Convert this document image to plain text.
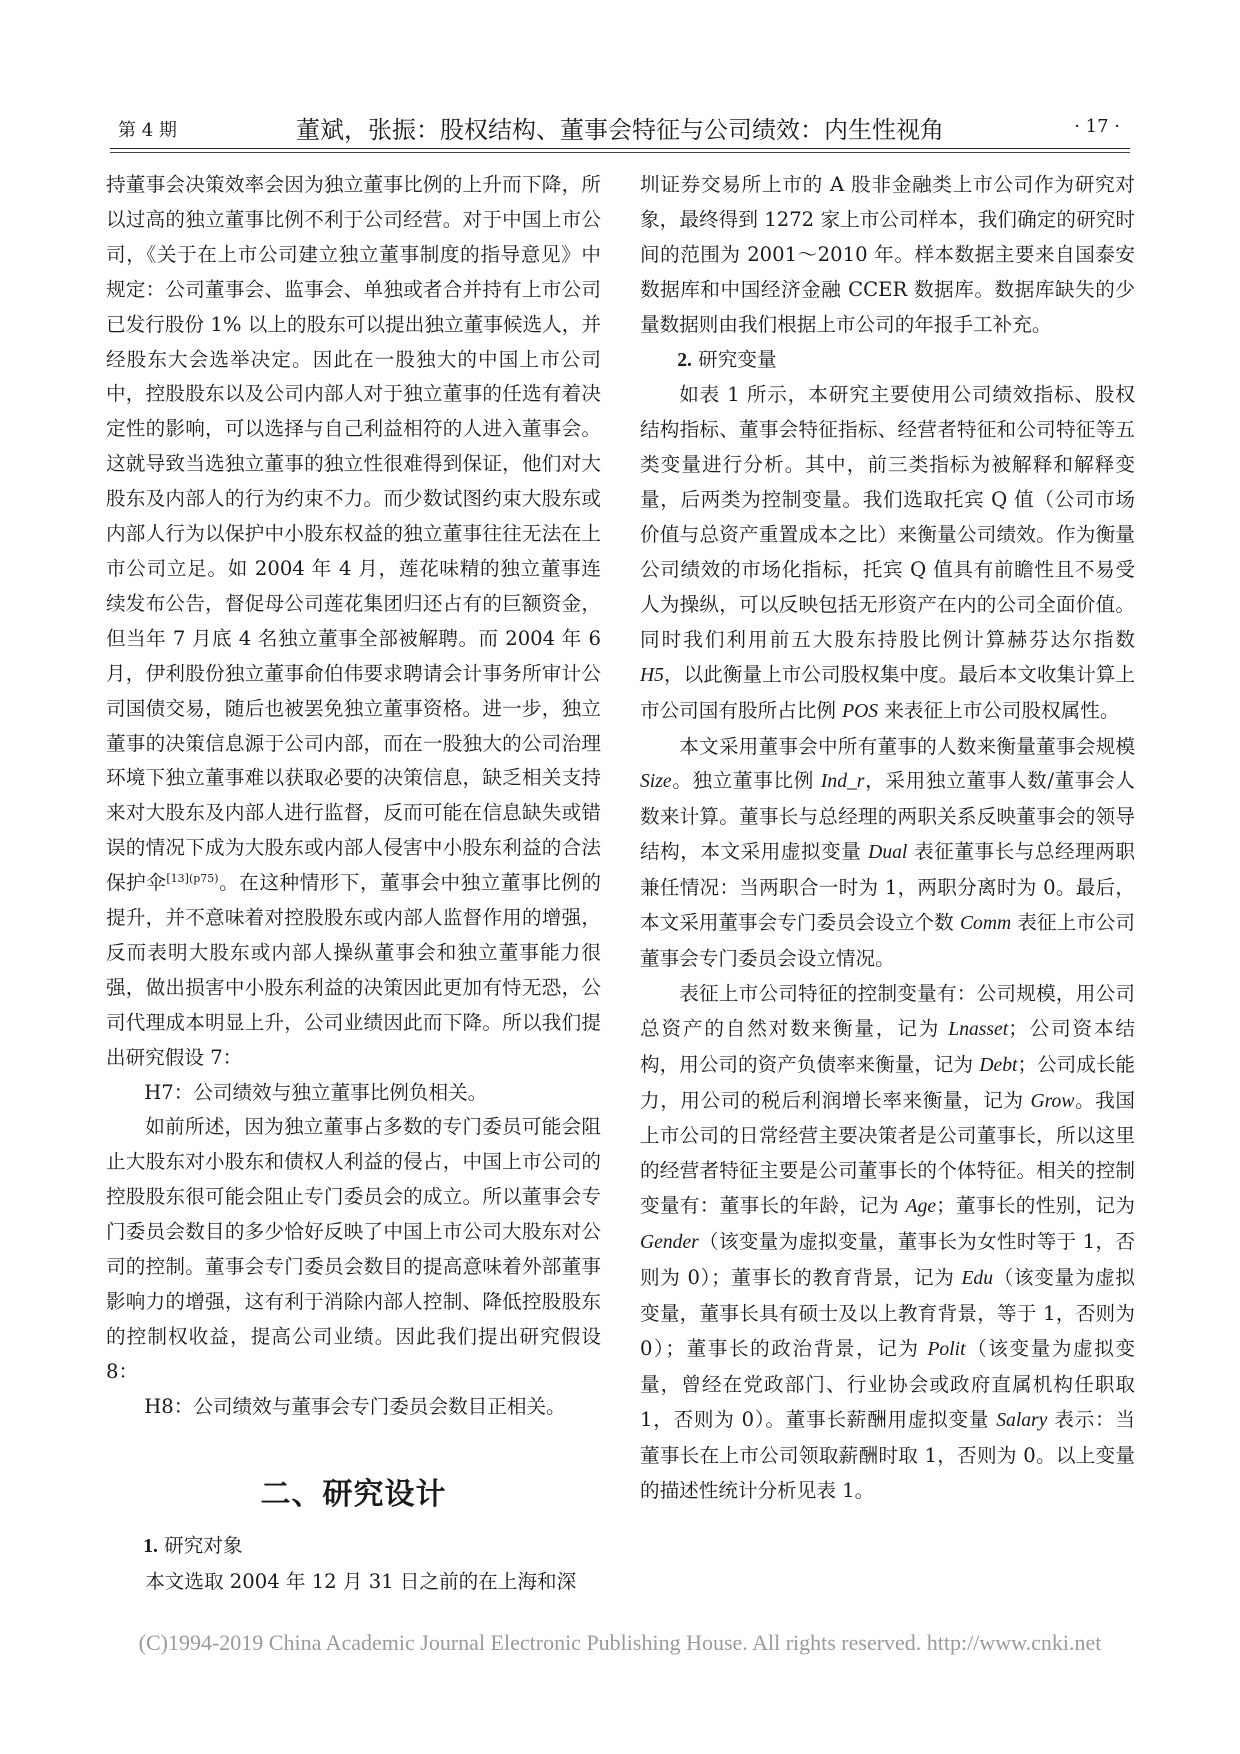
第 4 期	董斌，张振：股权结构、董事会特征与公司绩效：内生性视角	· 17 ·

持董事会决策效率会因为独立董事比例的上升而下降，所以过高的独立董事比例不利于公司经营。对于中国上市公司，《关于在上市公司建立独立董事制度的指导意见》中规定：公司董事会、监事会、单独或者合并持有上市公司已发行股份 1% 以上的股东可以提出独立董事候选人，并经股东大会选举决定。因此在一股独大的中国上市公司中，控股股东以及公司内部人对于独立董事的任选有着决定性的影响，可以选择与自己利益相符的人进入董事会。这就导致当选独立董事的独立性很难得到保证，他们对大股东及内部人的行为约束不力。而少数试图约束大股东或内部人行为以保护中小股东权益的独立董事往往无法在上市公司立足。如 2004 年 4 月，莲花味精的独立董事连续发布公告，督促母公司莲花集团归还占有的巨额资金，但当年 7 月底 4 名独立董事全部被解聘。而 2004 年 6 月，伊利股份独立董事俞伯伟要求聘请会计事务所审计公司国债交易，随后也被罢免独立董事资格。进一步，独立董事的决策信息源于公司内部，而在一股独大的公司治理环境下独立董事难以获取必要的决策信息，缺乏相关支持来对大股东及内部人进行监督，反而可能在信息缺失或错误的情况下成为大股东或内部人侵害中小股东利益的合法保护伞$^{[13](p75)}$。在这种情形下，董事会中独立董事比例的提升，并不意味着对控股股东或内部人监督作用的增强，反而表明大股东或内部人操纵董事会和独立董事能力很强，做出损害中小股东利益的决策因此更加有恃无恐，公司代理成本明显上升，公司业绩因此而下降。所以我们提出研究假设 7：

H7：公司绩效与独立董事比例负相关。

如前所述，因为独立董事占多数的专门委员可能会阻止大股东对小股东和债权人利益的侵占，中国上市公司的控股股东很可能会阻止专门委员会的成立。所以董事会专门委员会数目的多少恰好反映了中国上市公司大股东对公司的控制。董事会专门委员会数目的提高意味着外部董事影响力的增强，这有利于消除内部人控制、降低控股股东的控制权收益，提高公司业绩。因此我们提出研究假设 8：

H8：公司绩效与董事会专门委员会数目正相关。

二、研究设计

1. 研究对象

本文选取 2004 年 12 月 31 日之前的在上海和深

圳证券交易所上市的 A 股非金融类上市公司作为研究对象，最终得到 1272 家上市公司样本，我们确定的研究时间的范围为 2001～2010 年。样本数据主要来自国泰安数据库和中国经济金融 CCER 数据库。数据库缺失的少量数据则由我们根据上市公司的年报手工补充。

2. 研究变量

如表 1 所示，本研究主要使用公司绩效指标、股权结构指标、董事会特征指标、经营者特征和公司特征等五类变量进行分析。其中，前三类指标为被解释和解释变量，后两类为控制变量。我们选取托宾 Q 值（公司市场价值与总资产重置成本之比）来衡量公司绩效。作为衡量公司绩效的市场化指标，托宾 Q 值具有前瞻性且不易受人为操纵，可以反映包括无形资产在内的公司全面价值。同时我们利用前五大股东持股比例计算赫芬达尔指数 H5，以此衡量上市公司股权集中度。最后本文收集计算上市公司国有股所占比例 POS 来表征上市公司股权属性。

本文采用董事会中所有董事的人数来衡量董事会规模 Size。独立董事比例 Ind_r，采用独立董事人数/董事会人数来计算。董事长与总经理的两职关系反映董事会的领导结构，本文采用虚拟变量 Dual 表征董事长与总经理两职兼任情况：当两职合一时为 1，两职分离时为 0。最后，本文采用董事会专门委员会设立个数 Comm 表征上市公司董事会专门委员会设立情况。

表征上市公司特征的控制变量有：公司规模，用公司总资产的自然对数来衡量，记为 Lnasset；公司资本结构，用公司的资产负债率来衡量，记为 Debt；公司成长能力，用公司的税后利润增长率来衡量，记为 Grow。我国上市公司的日常经营主要决策者是公司董事长，所以这里的经营者特征主要是公司董事长的个体特征。相关的控制变量有：董事长的年龄，记为 Age；董事长的性别，记为 Gender（该变量为虚拟变量，董事长为女性时等于 1，否则为 0）；董事长的教育背景，记为 Edu（该变量为虚拟变量，董事长具有硕士及以上教育背景，等于 1，否则为 0）；董事长的政治背景，记为 Polit（该变量为虚拟变量，曾经在党政部门、行业协会或政府直属机构任职取 1，否则为 0）。董事长薪酬用虚拟变量 Salary 表示：当董事长在上市公司领取薪酬时取 1，否则为 0。以上变量的描述性统计分析见表 1。

(C)1994-2019 China Academic Journal Electronic Publishing House. All rights reserved. http://www.cnki.net
